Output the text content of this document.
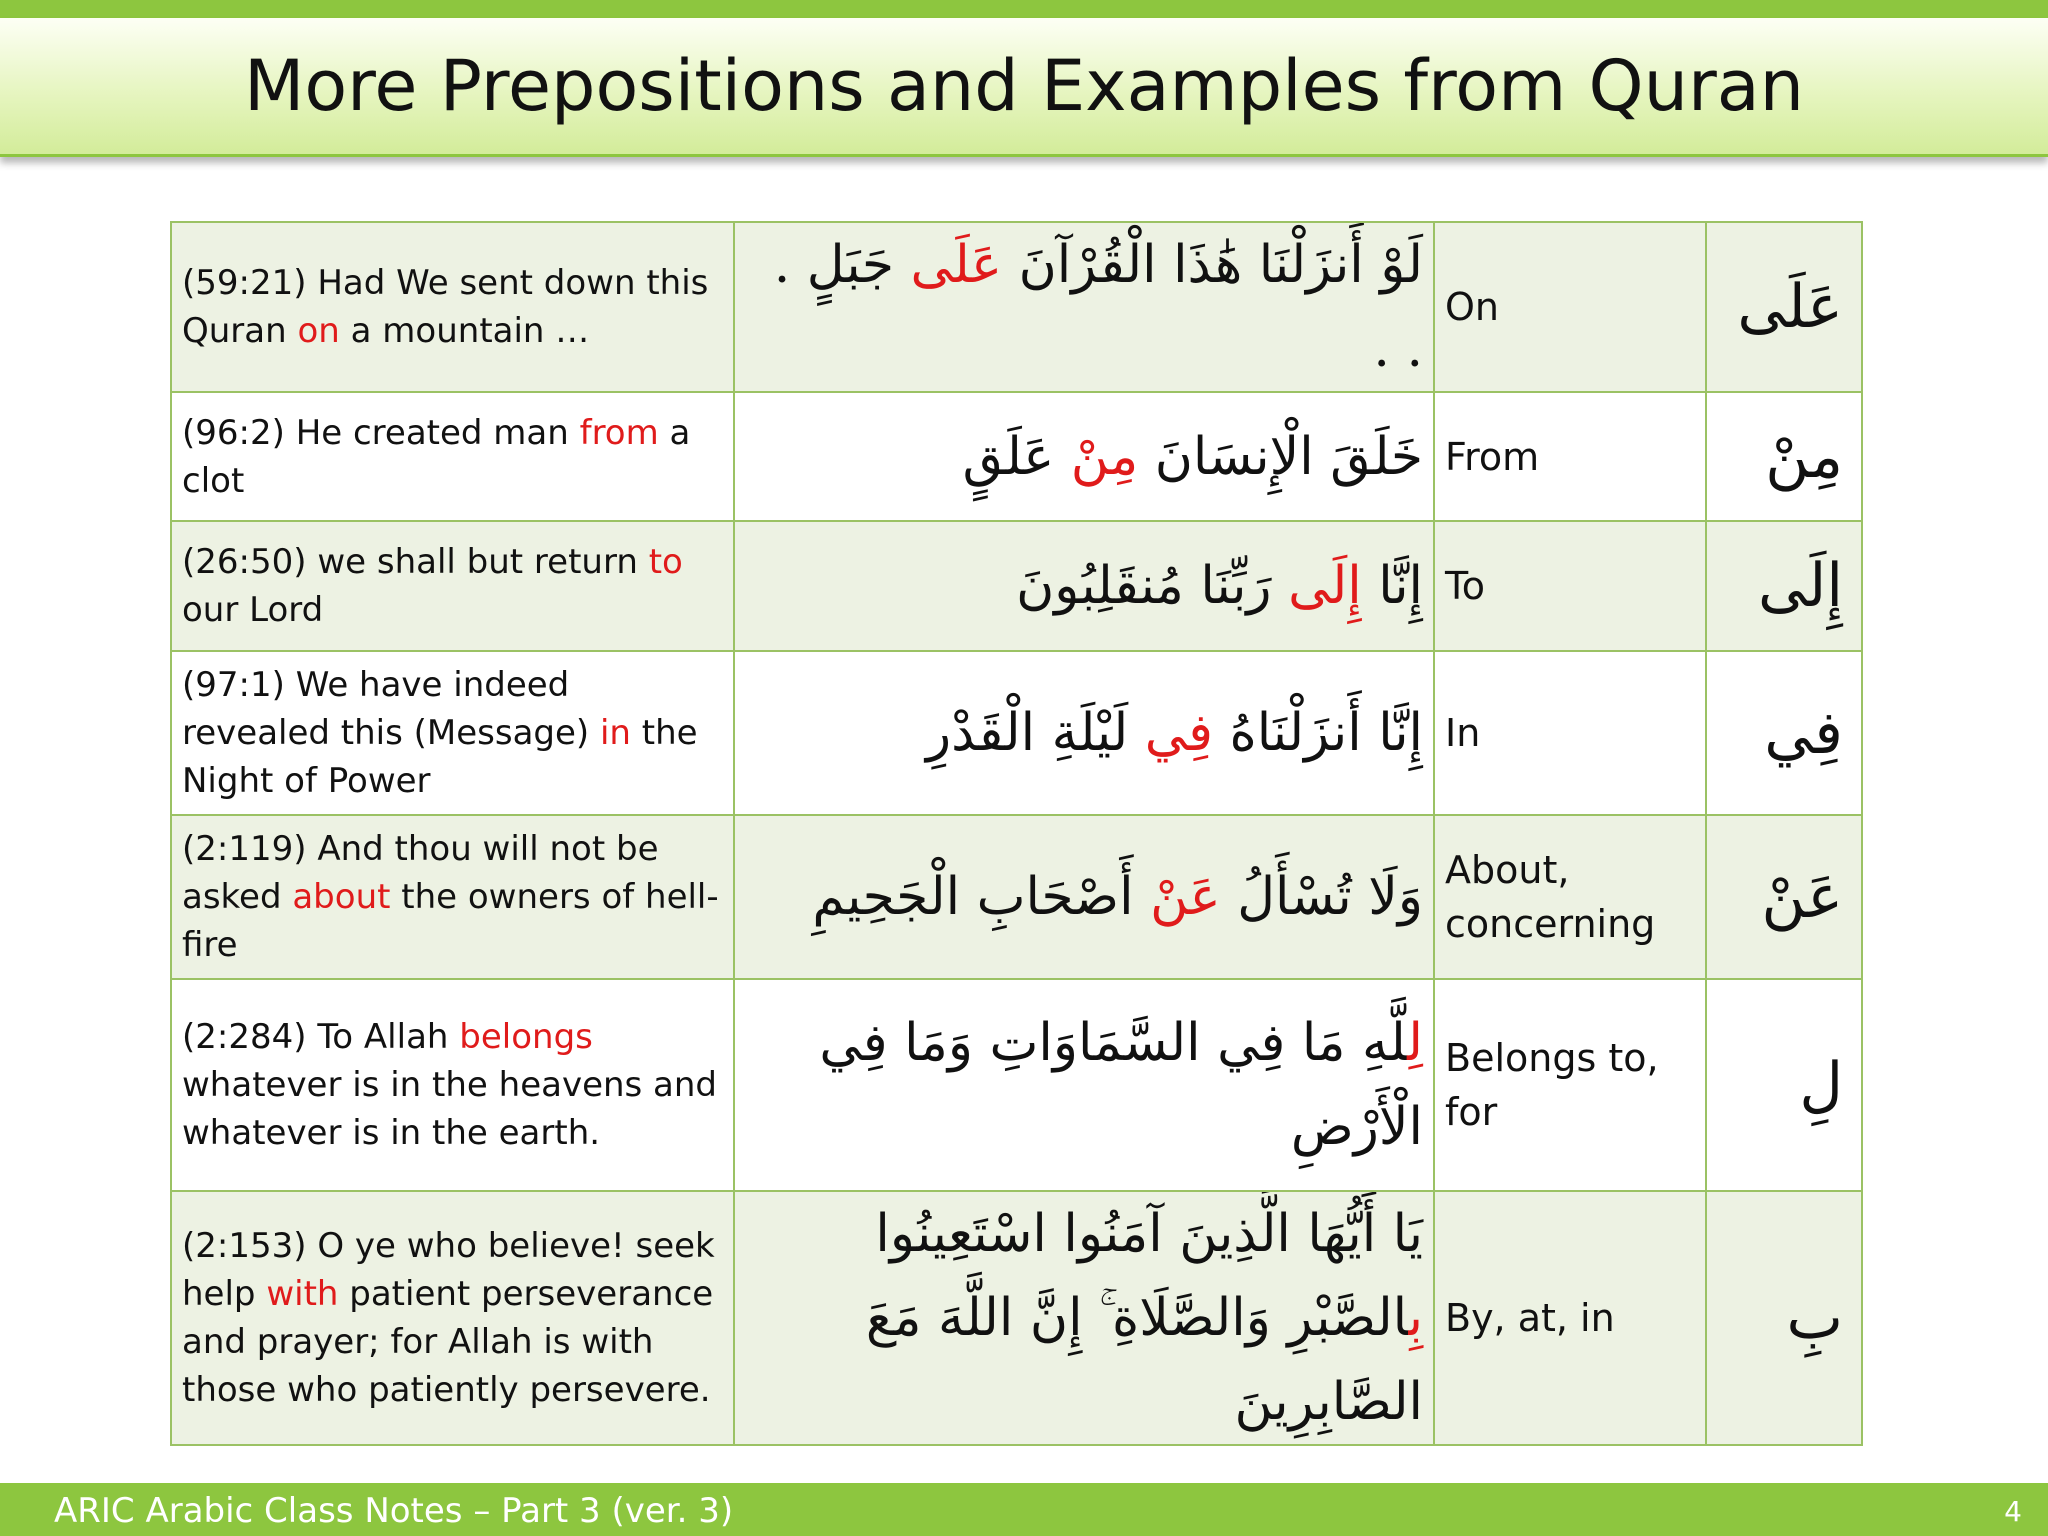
More Prepositions and Examples from Quran
(59:21) Had We sent down this Quran on a mountain …	لَوْ أَنزَلْنَا هَٰذَا الْقُرْآنَ عَلَى جَبَلٍ . . .	On	عَلَى
(96:2) He created man from a clot	خَلَقَ الْإِنسَانَ مِنْ عَلَقٍ	From	مِنْ
(26:50) we shall but return to our Lord	إِنَّا إِلَى رَبِّنَا مُنقَلِبُونَ	To	إِلَى
(97:1) We have indeed revealed this (Message) in the Night of Power	إِنَّا أَنزَلْنَاهُ فِي لَيْلَةِ الْقَدْرِ	In	فِي
(2:119) And thou will not be asked about the owners of hell-fire	وَلَا تُسْأَلُ عَنْ أَصْحَابِ الْجَحِيمِ	About, concerning	عَنْ
(2:284) To Allah belongs whatever is in the heavens and whatever is in the earth.	لِلَّهِ مَا فِي السَّمَاوَاتِ وَمَا فِي الْأَرْضِ	Belongs to, for	لِ
(2:153) O ye who believe! seek help with patient perseverance and prayer; for Allah is with those who patiently persevere.	يَا أَيُّهَا الَّذِينَ آمَنُوا اسْتَعِينُوا بِالصَّبْرِ وَالصَّلَاةِ ۚ إِنَّ اللَّهَ مَعَ الصَّابِرِينَ	By, at, in	بِ
ARIC Arabic Class Notes – Part 3 (ver. 3)	4
